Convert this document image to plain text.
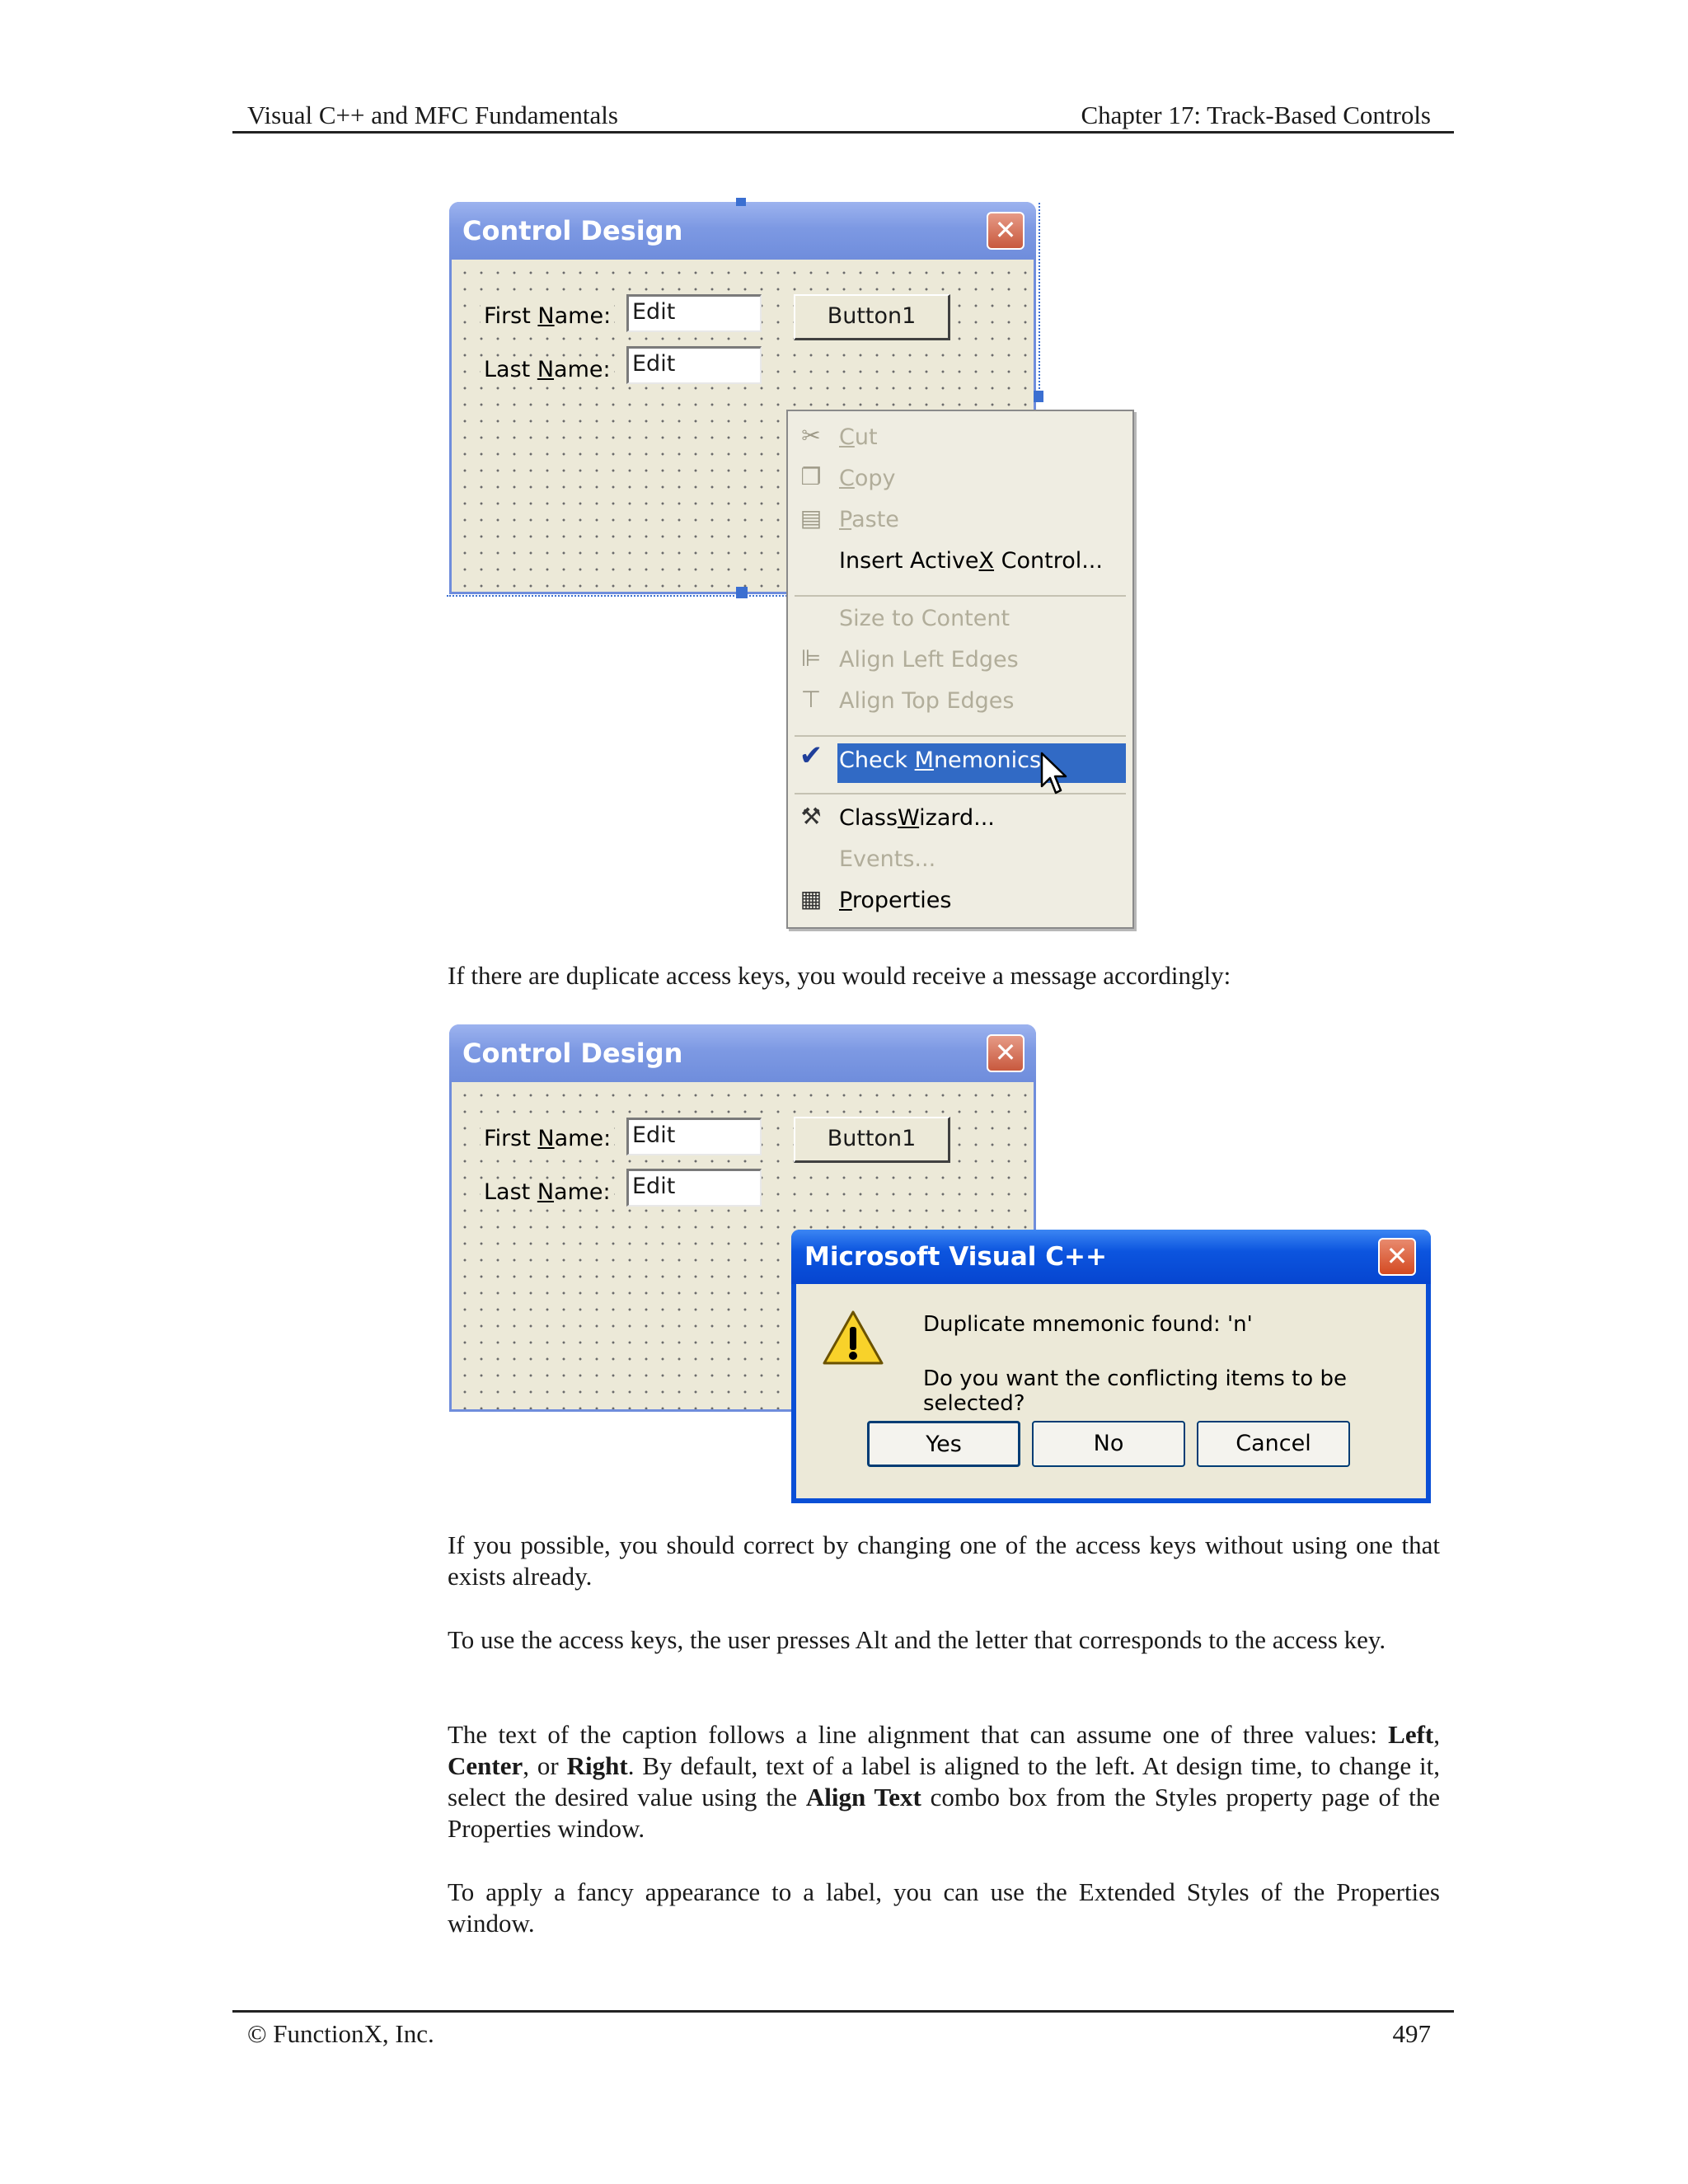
Visual C++ and MFC Fundamentals	Chapter 17: Track-Based Controls
Control Design	✕
First Name:
Last Name:
Edit
Edit
Button1
✂ Cut
❐ Copy
▤ Paste
Insert ActiveX Control...
Size to Content
⊫ Align Left Edges
⊤ Align Top Edges
✔ Check Mnemonics
⚒ ClassWizard...
Events...
▦ Properties
If there are duplicate access keys, you would receive a message accordingly:
Control Design	✕
First Name:
Last Name:
Edit
Edit
Button1
Microsoft Visual C++	✕
Duplicate mnemonic found: 'n'
Do you want the conflicting items to be selected?
Yes	No	Cancel
If you possible, you should correct by changing one of the access keys without using one that exists already.
To use the access keys, the user presses Alt and the letter that corresponds to the access key.
The text of the caption follows a line alignment that can assume one of three values: Left, Center, or Right. By default, text of a label is aligned to the left. At design time, to change it, select the desired value using the Align Text combo box from the Styles property page of the Properties window.
To apply a fancy appearance to a label, you can use the Extended Styles of the Properties window.
© FunctionX, Inc.	497
